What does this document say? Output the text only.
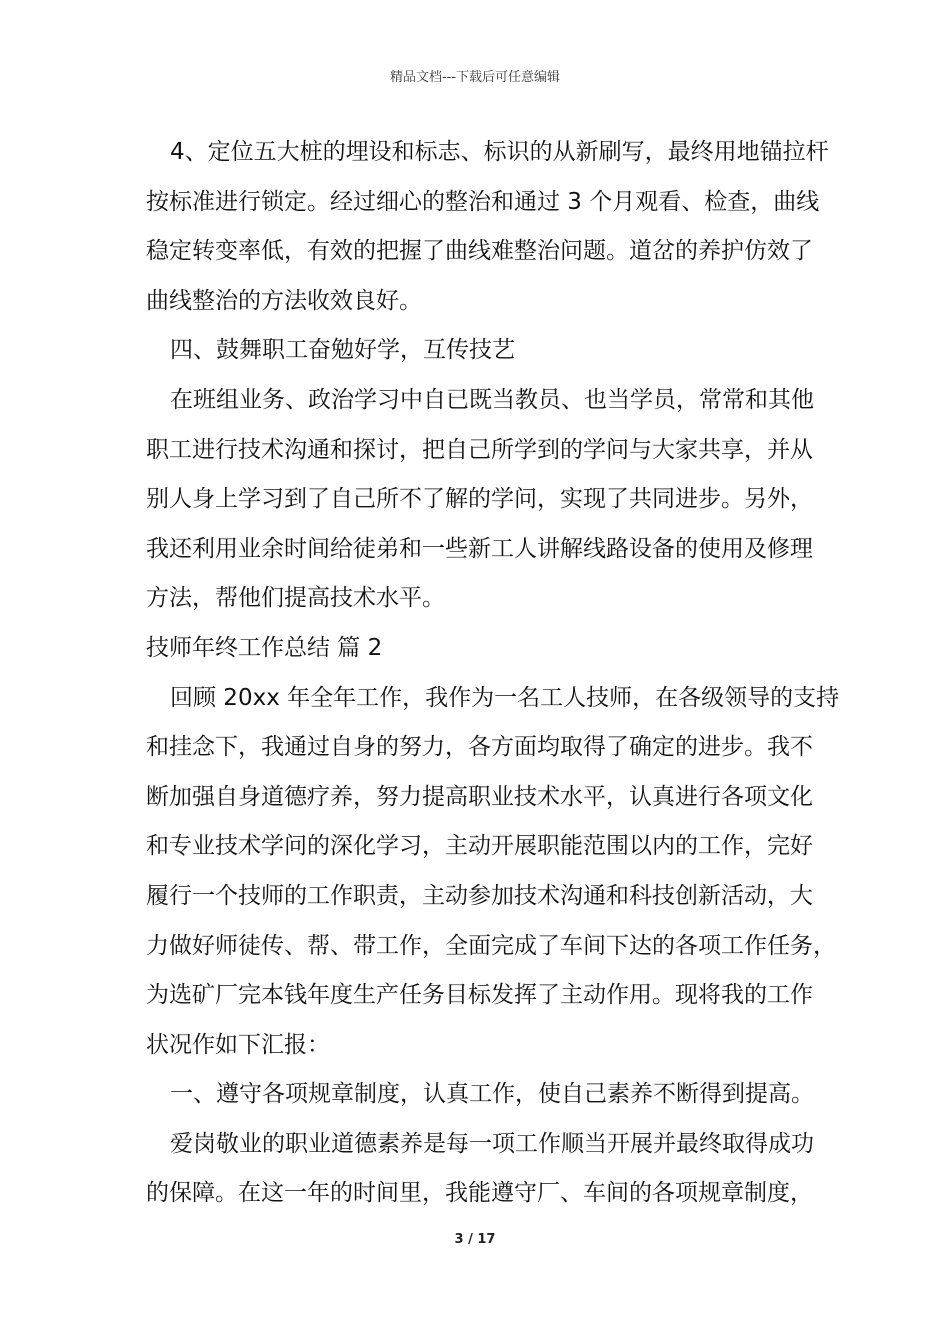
精品文档---下载后可任意编辑
4、定位五大桩的埋设和标志、标识的从新刷写，最终用地锚拉杆
按标准进行锁定。经过细心的整治和通过 3 个月观看、检查，曲线
稳定转变率低，有效的把握了曲线难整治问题。道岔的养护仿效了
曲线整治的方法收效良好。
四、鼓舞职工奋勉好学，互传技艺
在班组业务、政治学习中自已既当教员、也当学员，常常和其他
职工进行技术沟通和探讨，把自己所学到的学问与大家共享，并从
别人身上学习到了自己所不了解的学问，实现了共同进步。另外，
我还利用业余时间给徒弟和一些新工人讲解线路设备的使用及修理
方法，帮他们提高技术水平。
技师年终工作总结 篇 2
回顾 20xx 年全年工作，我作为一名工人技师，在各级领导的支持
和挂念下，我通过自身的努力，各方面均取得了确定的进步。我不
断加强自身道德疗养，努力提高职业技术水平，认真进行各项文化
和专业技术学问的深化学习，主动开展职能范围以内的工作，完好
履行一个技师的工作职责，主动参加技术沟通和科技创新活动，大
力做好师徒传、帮、带工作，全面完成了车间下达的各项工作任务，
为选矿厂完本钱年度生产任务目标发挥了主动作用。现将我的工作
状况作如下汇报：
一、遵守各项规章制度，认真工作，使自己素养不断得到提高。
爱岗敬业的职业道德素养是每一项工作顺当开展并最终取得成功
的保障。在这一年的时间里，我能遵守厂、车间的各项规章制度，
3 / 17
